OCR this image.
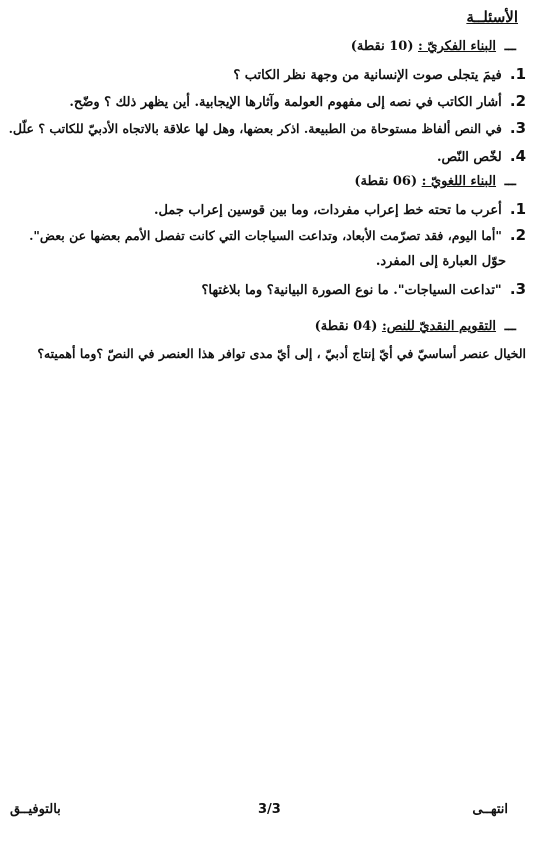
الأسئلــة
ـــ البناء الفكريّ : (10 نقطة)
1. فيمَ يتجلى صوت الإنسانية من وجهة نظر الكاتب ؟
2. أشار الكاتب في نصه إلى مفهوم العولمة وآثارها الإيجابية. أين يظهر ذلك ؟ وضّح.
3. في النص ألفاظ مستوحاة من الطبيعة. اذكر بعضها، وهل لها علاقة بالاتجاه الأدبيّ للكاتب ؟ علّل.
4. لخّص النّص.
ـــ البناء اللغويّ : (06 نقطة)
1. أعرب ما تحته خط إعراب مفردات، وما بين قوسين إعراب جمل.
2. "أما اليوم، فقد تصرّمت الأبعاد، وتداعت السياجات التي كانت تفصل الأمم بعضها عن بعض".
حوّل العبارة إلى المفرد.
3. "تداعت السياجات". ما نوع الصورة البيانية؟ وما بلاغتها؟
ـــ التقويم النقديّ للنص: (04 نقطة)
الخيال عنصر أساسيّ في أيّ إنتاج أدبيّ ، إلى أيّ مدى توافر هذا العنصر في النصّ ؟وما أهميته؟
انتهــى
3/3
بالتوفيــق
